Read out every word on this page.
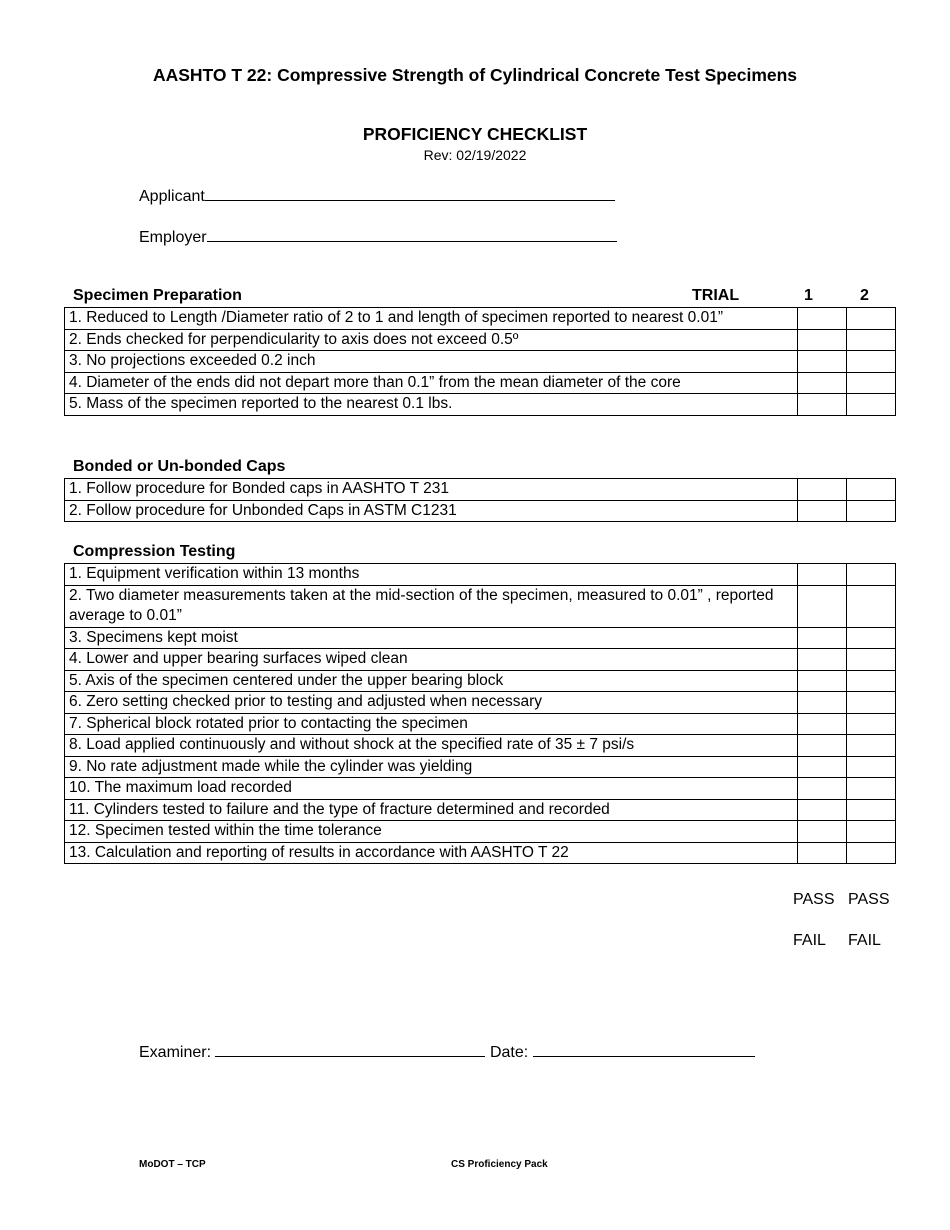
AASHTO T 22: Compressive Strength of Cylindrical Concrete Test Specimens
PROFICIENCY CHECKLIST
Rev: 02/19/2022
Applicant
Employer
Specimen Preparation	TRIAL	1	2
1. Reduced to Length /Diameter ratio of 2 to 1 and length of specimen reported to nearest 0.01”		

2. Ends checked for perpendicularity to axis does not exceed 0.5º		
3. No projections exceeded 0.2 inch		
4. Diameter of the ends did not depart more than 0.1” from the mean diameter of the core		
5. Mass of the specimen reported to the nearest 0.1 lbs.		
Bonded or Un-bonded Caps
1. Follow procedure for Bonded caps in AASHTO T 231		
2. Follow procedure for Unbonded Caps in ASTM C1231		
Compression Testing
1. Equipment verification within 13 months		
2. Two diameter measurements taken at the mid-section of the specimen, measured to 0.01” , reported average to 0.01”		
3. Specimens kept moist		
4. Lower and upper bearing surfaces wiped clean		
5. Axis of the specimen centered under the upper bearing block		
6. Zero setting checked prior to testing and adjusted when necessary		
7. Spherical block rotated prior to contacting the specimen		
8. Load applied continuously and without shock at the specified rate of 35 ± 7 psi/s		
9. No rate adjustment made while the cylinder was yielding		
10. The maximum load recorded		
11. Cylinders tested to failure and the type of fracture determined and recorded		
12. Specimen tested within the time tolerance		
13. Calculation and reporting of results in accordance with AASHTO T 22		
PASS PASS
FAIL FAIL
Examiner:	Date:
MoDOT – TCP	CS Proficiency Pack
